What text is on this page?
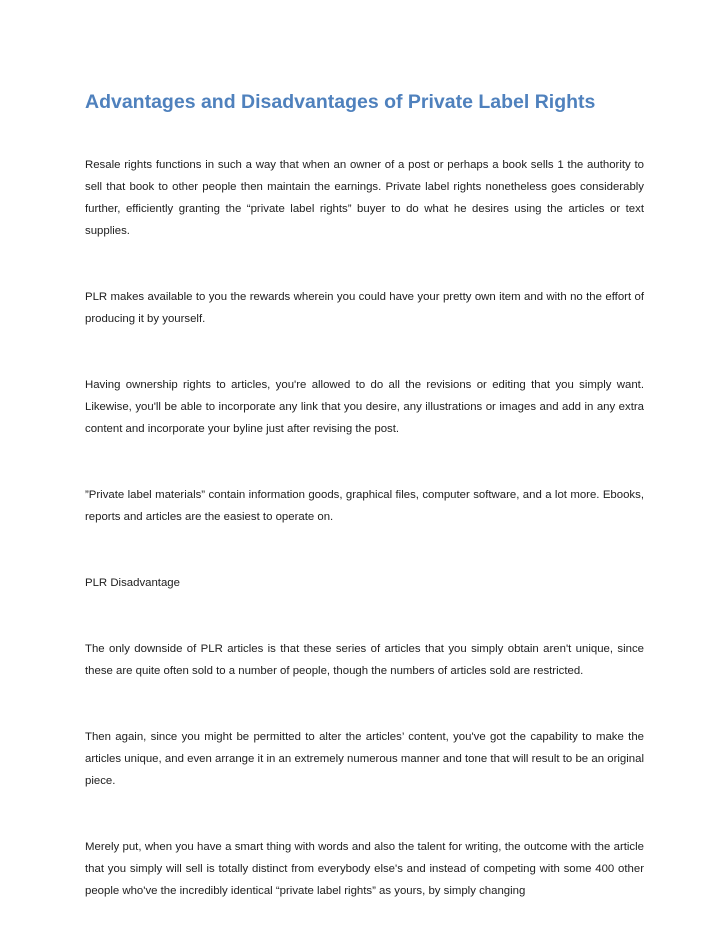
Advantages and Disadvantages of Private Label Rights

Resale rights functions in such a way that when an owner of a post or perhaps a book sells 1 the authority to sell that book to other people then maintain the earnings. Private label rights nonetheless goes considerably further, efficiently granting the “private label rights” buyer to do what he desires using the articles or text supplies.

PLR makes available to you the rewards wherein you could have your pretty own item and with no the effort of producing it by yourself.

Having ownership rights to articles, you're allowed to do all the revisions or editing that you simply want. Likewise, you'll be able to incorporate any link that you desire, any illustrations or images and add in any extra content and incorporate your byline just after revising the post.

”Private label materials” contain information goods, graphical files, computer software, and a lot more. Ebooks, reports and articles are the easiest to operate on.

PLR Disadvantage

The only downside of PLR articles is that these series of articles that you simply obtain aren't unique, since these are quite often sold to a number of people, though the numbers of articles sold are restricted.

Then again, since you might be permitted to alter the articles’ content, you've got the capability to make the articles unique, and even arrange it in an extremely numerous manner and tone that will result to be an original piece.

Merely put, when you have a smart thing with words and also the talent for writing, the outcome with the article that you simply will sell is totally distinct from everybody else's and instead of competing with some 400 other people who've the incredibly identical “private label rights” as yours, by simply changing
